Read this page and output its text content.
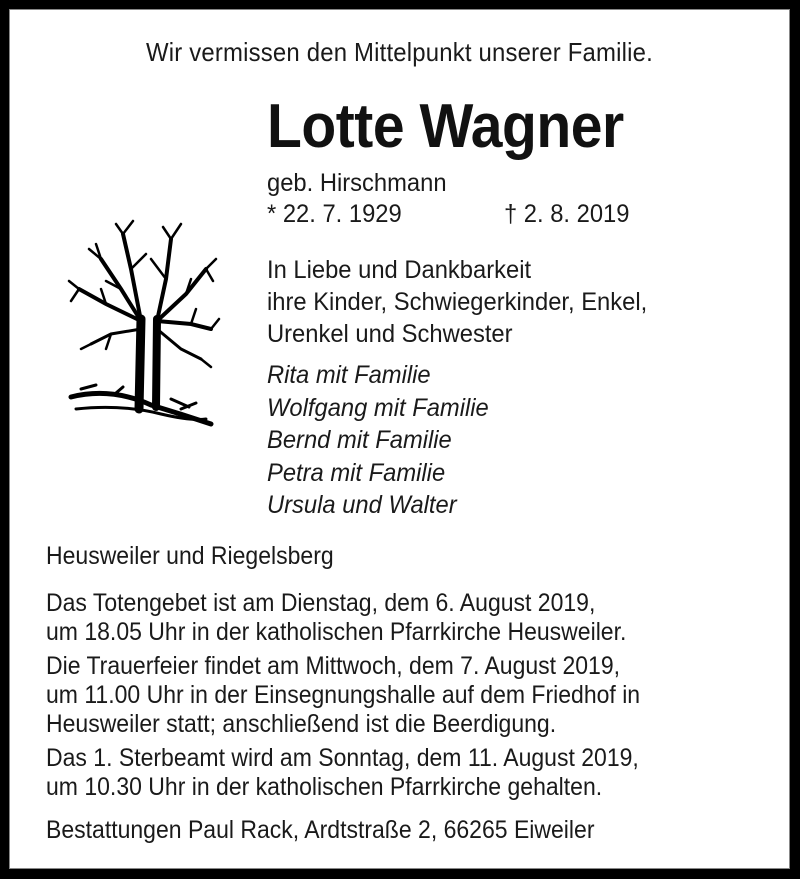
Wir vermissen den Mittelpunkt unserer Familie.
Lotte Wagner
geb. Hirschmann
* 22. 7. 1929	† 2. 8. 2019
In Liebe und Dankbarkeit
ihre Kinder, Schwiegerkinder, Enkel,
Urenkel und Schwester
Rita mit Familie
Wolfgang mit Familie
Bernd mit Familie
Petra mit Familie
Ursula und Walter
Heusweiler und Riegelsberg
Das Totengebet ist am Dienstag, dem 6. August 2019,
um 18.05 Uhr in der katholischen Pfarrkirche Heusweiler.
Die Trauerfeier findet am Mittwoch, dem 7. August 2019,
um 11.00 Uhr in der Einsegnungshalle auf dem Friedhof in
Heusweiler statt; anschließend ist die Beerdigung.
Das 1. Sterbeamt wird am Sonntag, dem 11. August 2019,
um 10.30 Uhr in der katholischen Pfarrkirche gehalten.
Bestattungen Paul Rack, Ardtstraße 2, 66265 Eiweiler
